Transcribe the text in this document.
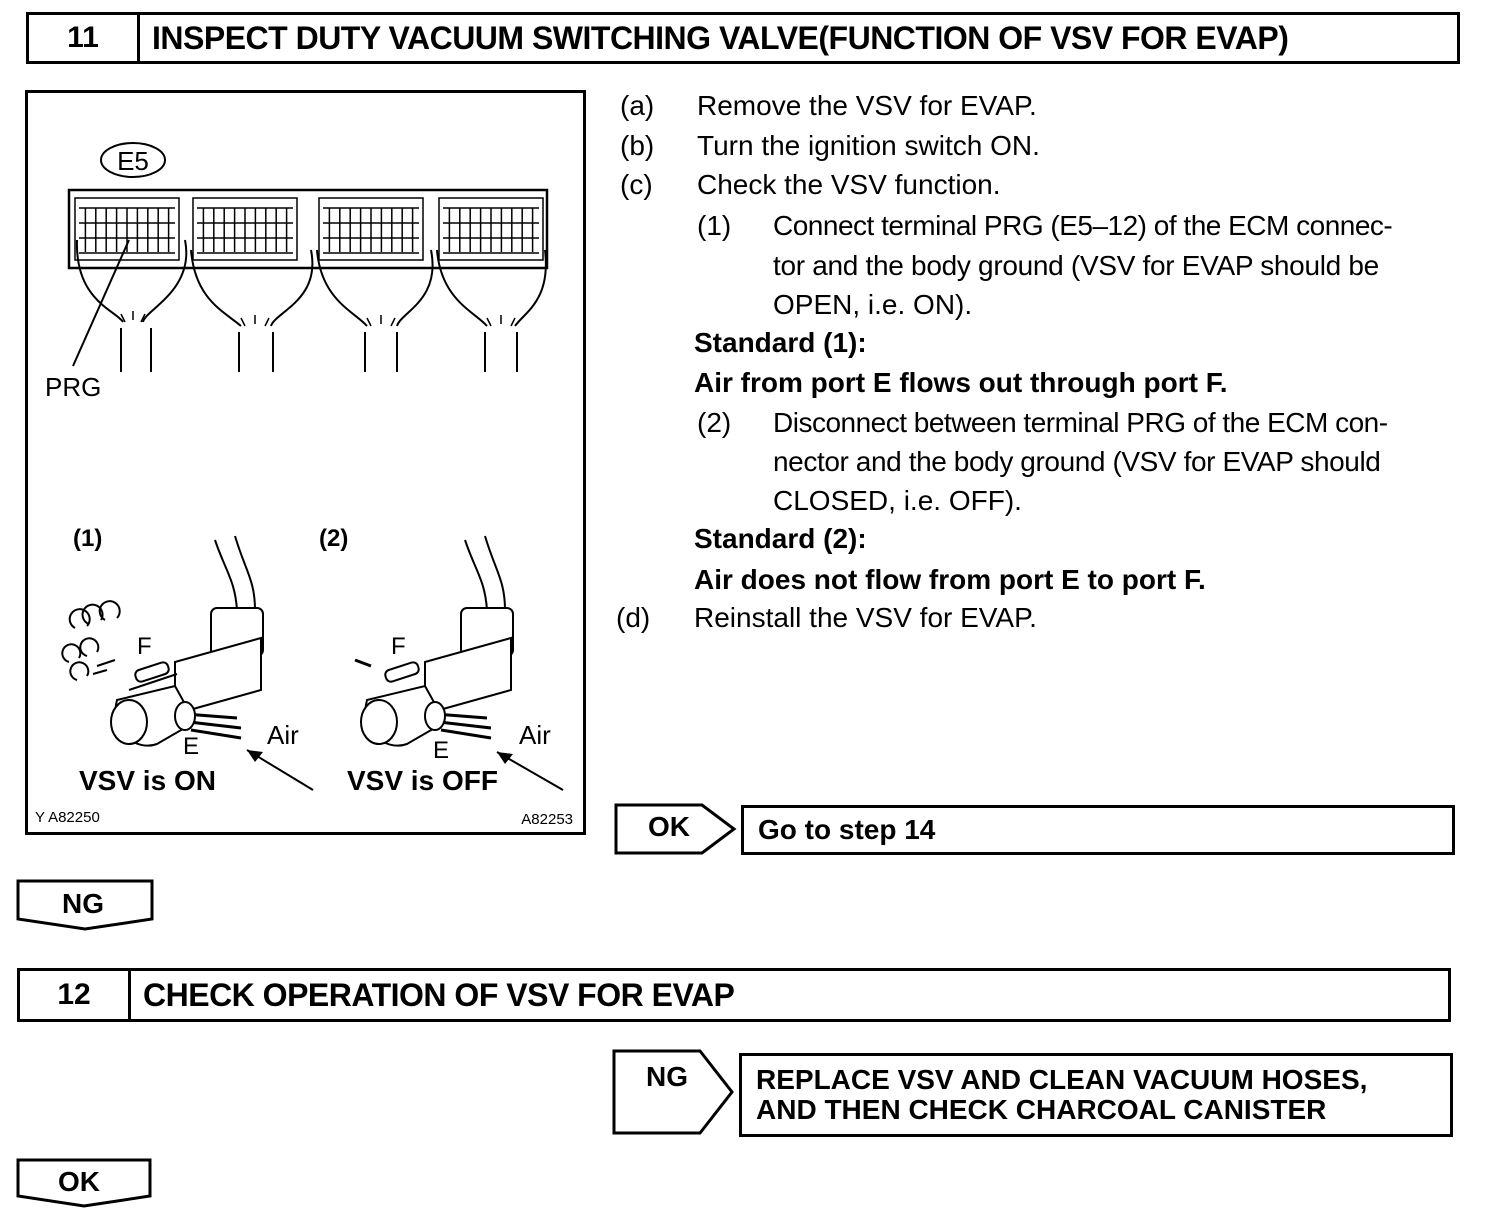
11	INSPECT DUTY VACUUM SWITCHING VALVE(FUNCTION OF VSV FOR EVAP)
E5
PRG
(1)	(2)
F
E	Air
VSV is ON
F
E
Air
VSV is OFF
Y A82250	A82253
(a) Remove the VSV for EVAP.
(b) Turn the ignition switch ON.
(c) Check the VSV function.
(1) Connect terminal PRG (E5–12) of the ECM connec-
tor and the body ground (VSV for EVAP should be
OPEN, i.e. ON).
Standard (1):
Air from port E flows out through port F.
(2) Disconnect between terminal PRG of the ECM con-
nector and the body ground (VSV for EVAP should
CLOSED, i.e. OFF).
Standard (2):
Air does not flow from port E to port F.
(d) Reinstall the VSV for EVAP.
OK Go to step 14
NG
12	CHECK OPERATION OF VSV FOR EVAP
NG REPLACE VSV AND CLEAN VACUUM HOSES,
AND THEN CHECK CHARCOAL CANISTER
OK
